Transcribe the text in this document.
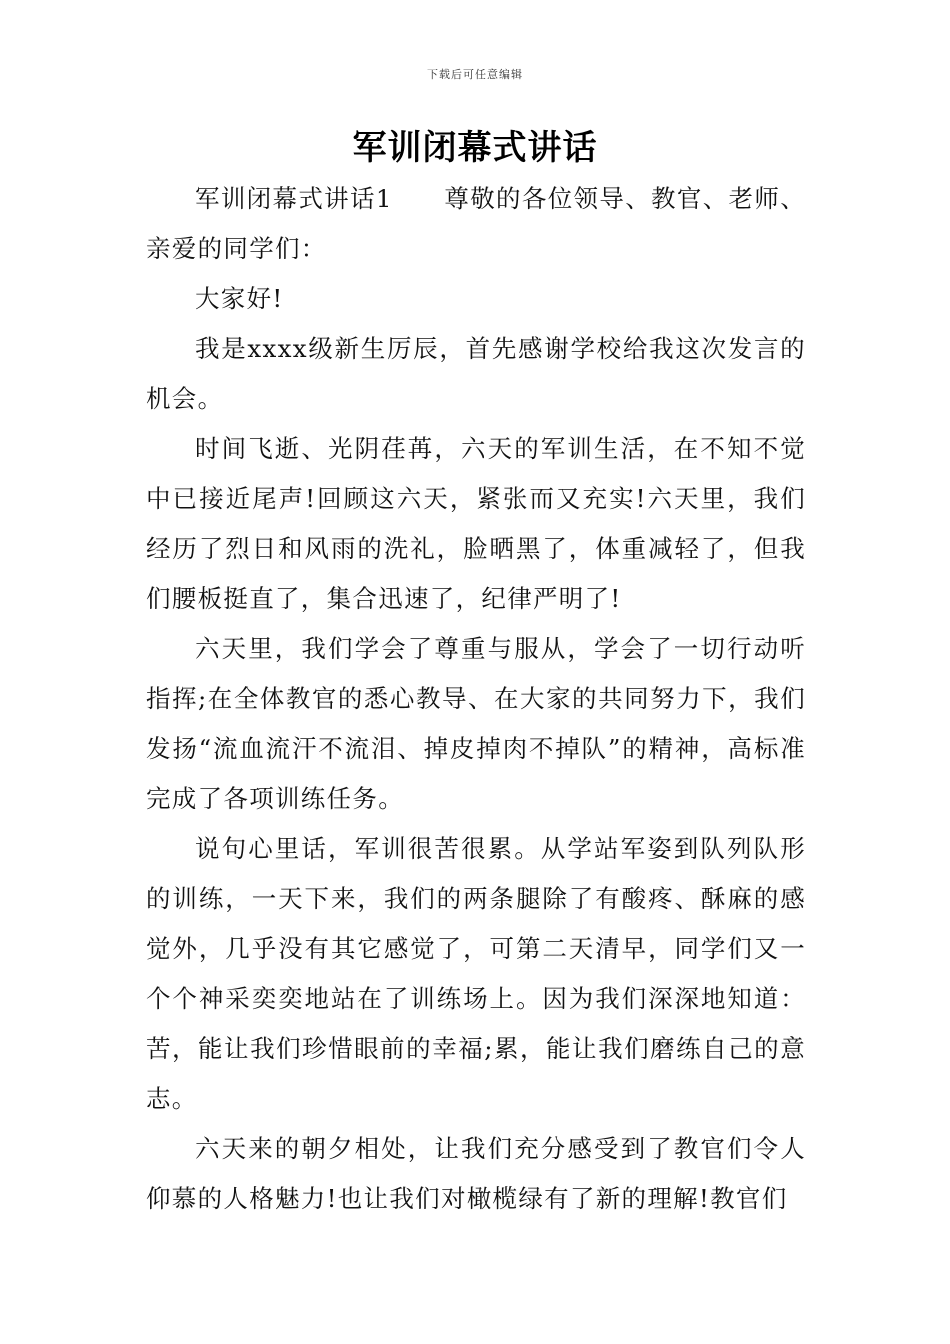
下载后可任意编辑
军训闭幕式讲话

军训闭幕式讲话1　　尊敬的各位领导、教官、老师、亲爱的同学们：

大家好!

我是xxxx级新生厉辰，首先感谢学校给我这次发言的机会。

时间飞逝、光阴荏苒，六天的军训生活，在不知不觉中已接近尾声!回顾这六天，紧张而又充实!六天里，我们经历了烈日和风雨的洗礼，脸晒黑了，体重减轻了，但我们腰板挺直了，集合迅速了，纪律严明了!

六天里，我们学会了尊重与服从，学会了一切行动听指挥;在全体教官的悉心教导、在大家的共同努力下，我们发扬“流血流汗不流泪、掉皮掉肉不掉队”的精神，高标准完成了各项训练任务。

说句心里话，军训很苦很累。从学站军姿到队列队形的训练，一天下来，我们的两条腿除了有酸疼、酥麻的感觉外，几乎没有其它感觉了，可第二天清早，同学们又一个个神采奕奕地站在了训练场上。因为我们深深地知道：苦，能让我们珍惜眼前的幸福;累，能让我们磨练自己的意志。

六天来的朝夕相处，让我们充分感受到了教官们令人仰慕的人格魅力!也让我们对橄榄绿有了新的理解!教官们
